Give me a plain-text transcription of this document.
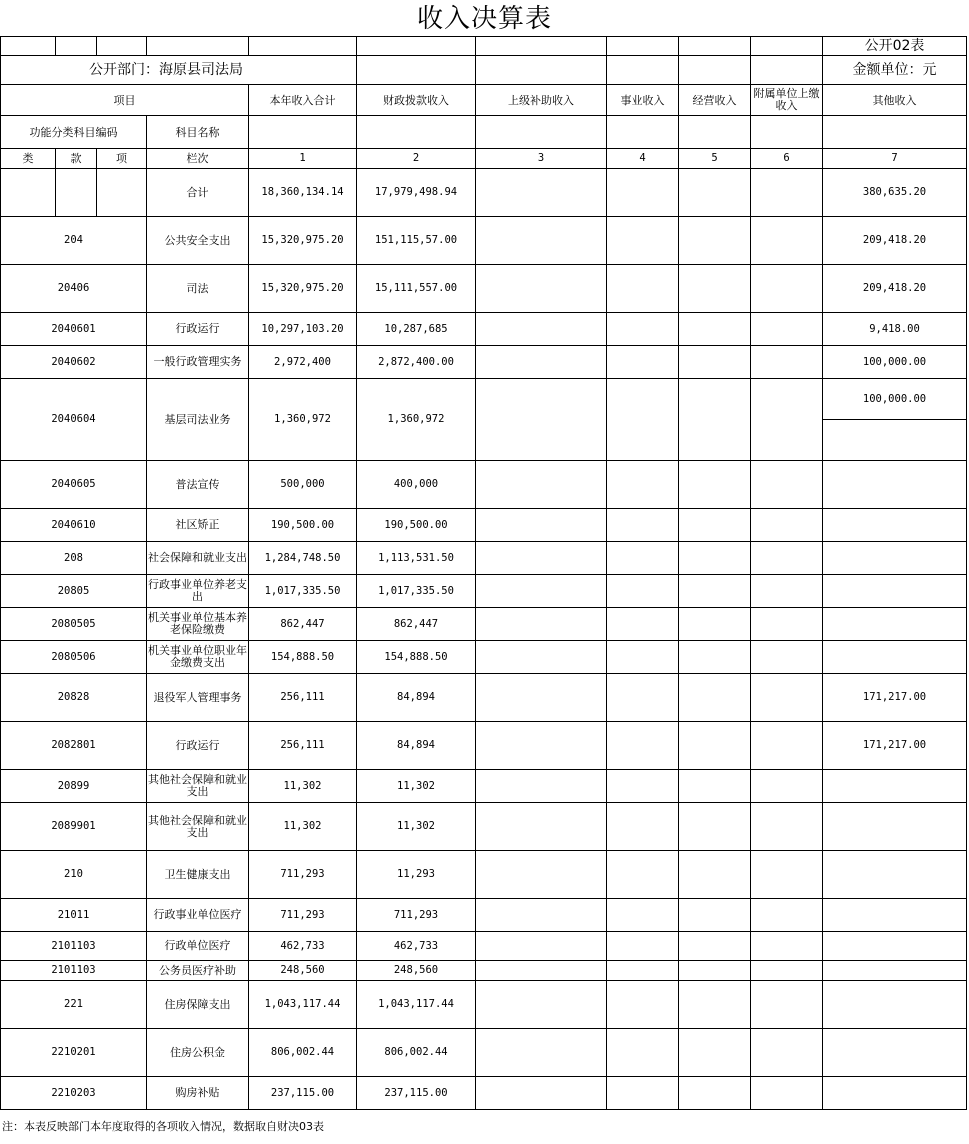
收入决算表
										公开02表
公开部门：海原县司法局										金额单位：元
项目				本年收入合计	财政拨款收入	上级补助收入	事业收入	经营收入	附属单位上缴收入	其他收入
功能分类科目编码			科目名称							
类	款	项	栏次	1	2	3	4	5	6	7
			合计	18,360,134.14	17,979,498.94					380,635.20
204			公共安全支出	15,320,975.20	151,115,57.00					209,418.20
20406			司法	15,320,975.20	15,111,557.00					209,418.20
2040601			行政运行	10,297,103.20	10,287,685					9,418.00
2040602			一般行政管理实务	2,972,400	2,872,400.00					100,000.00
2040604			基层司法业务	1,360,972	1,360,972					100,000.00

2040605			普法宣传	500,000	400,000					
2040610			社区矫正	190,500.00	190,500.00					
208			社会保障和就业支出	1,284,748.50	1,113,531.50					
20805			行政事业单位养老支出	1,017,335.50	1,017,335.50					
2080505			机关事业单位基本养老保险缴费	862,447	862,447					
2080506			机关事业单位职业年金缴费支出	154,888.50	154,888.50					
20828			退役军人管理事务	256,111	84,894					171,217.00
2082801			行政运行	256,111	84,894					171,217.00
20899			其他社会保障和就业支出	11,302	11,302					
2089901			其他社会保障和就业支出	11,302	11,302					
210			卫生健康支出	711,293	11,293					
21011			行政事业单位医疗	711,293	711,293					
2101103			行政单位医疗	462,733	462,733					
2101103			公务员医疗补助	248,560	248,560					
221			住房保障支出	1,043,117.44	1,043,117.44					
2210201			住房公积金	806,002.44	806,002.44					
2210203			购房补贴	237,115.00	237,115.00					
注：本表反映部门本年度取得的各项收入情况，数据取自财决03表
